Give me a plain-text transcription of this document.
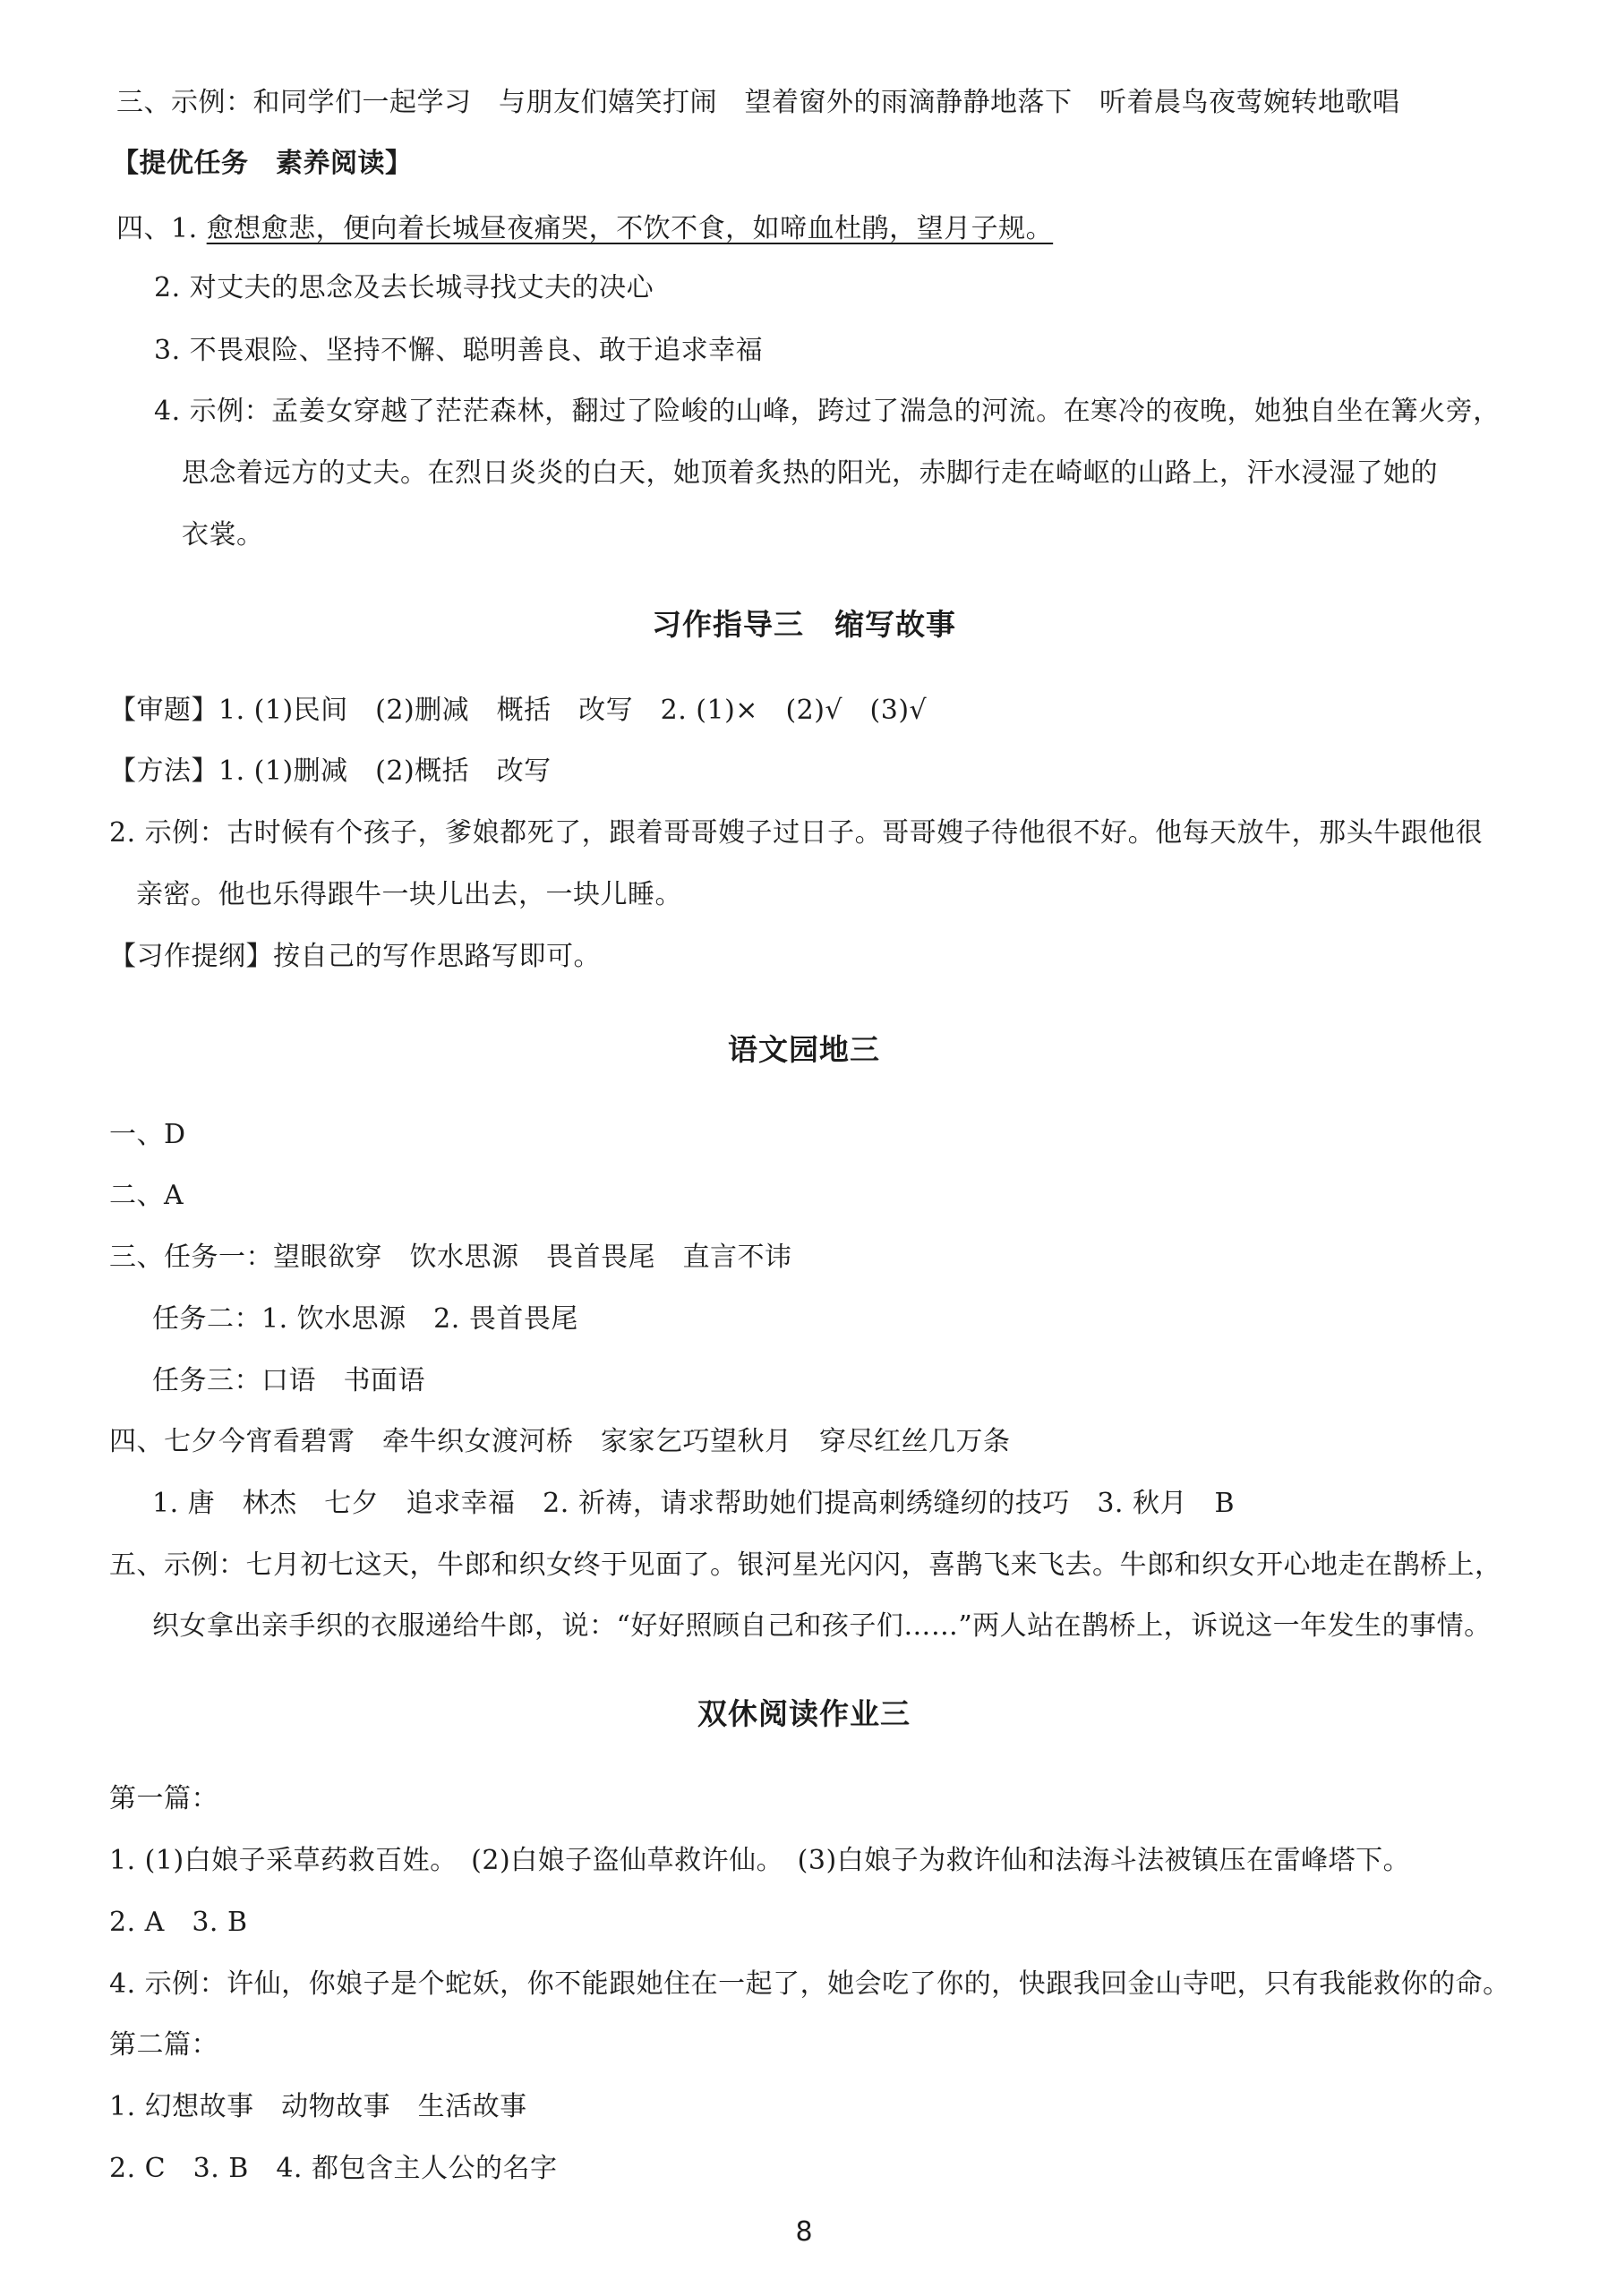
三、示例：和同学们一起学习　与朋友们嬉笑打闹　望着窗外的雨滴静静地落下　听着晨鸟夜莺婉转地歌唱
【提优任务　素养阅读】
四、1. 愈想愈悲，便向着长城昼夜痛哭，不饮不食，如啼血杜鹃，望月子规。
2. 对丈夫的思念及去长城寻找丈夫的决心
3. 不畏艰险、坚持不懈、聪明善良、敢于追求幸福
4. 示例：孟姜女穿越了茫茫森林，翻过了险峻的山峰，跨过了湍急的河流。在寒冷的夜晚，她独自坐在篝火旁，
思念着远方的丈夫。在烈日炎炎的白天，她顶着炙热的阳光，赤脚行走在崎岖的山路上，汗水浸湿了她的
衣裳。
习作指导三　缩写故事
【审题】1. (1)民间　(2)删减　概括　改写　2. (1)×　(2)√　(3)√
【方法】1. (1)删减　(2)概括　改写
2. 示例：古时候有个孩子，爹娘都死了，跟着哥哥嫂子过日子。哥哥嫂子待他很不好。他每天放牛，那头牛跟他很
亲密。他也乐得跟牛一块儿出去，一块儿睡。
【习作提纲】按自己的写作思路写即可。
语文园地三
一、D
二、A
三、任务一：望眼欲穿　饮水思源　畏首畏尾　直言不讳
任务二：1. 饮水思源　2. 畏首畏尾
任务三：口语　书面语
四、七夕今宵看碧霄　牵牛织女渡河桥　家家乞巧望秋月　穿尽红丝几万条
1. 唐　林杰　七夕　追求幸福　2. 祈祷，请求帮助她们提高刺绣缝纫的技巧　3. 秋月　B
五、示例：七月初七这天，牛郎和织女终于见面了。银河星光闪闪，喜鹊飞来飞去。牛郎和织女开心地走在鹊桥上，
织女拿出亲手织的衣服递给牛郎，说：“好好照顾自己和孩子们……”两人站在鹊桥上，诉说这一年发生的事情。
双休阅读作业三
第一篇：
1. (1)白娘子采草药救百姓。　(2)白娘子盗仙草救许仙。　(3)白娘子为救许仙和法海斗法被镇压在雷峰塔下。
2. A　3. B
4. 示例：许仙，你娘子是个蛇妖，你不能跟她住在一起了，她会吃了你的，快跟我回金山寺吧，只有我能救你的命。
第二篇：
1. 幻想故事　动物故事　生活故事
2. C　3. B　4. 都包含主人公的名字
8
